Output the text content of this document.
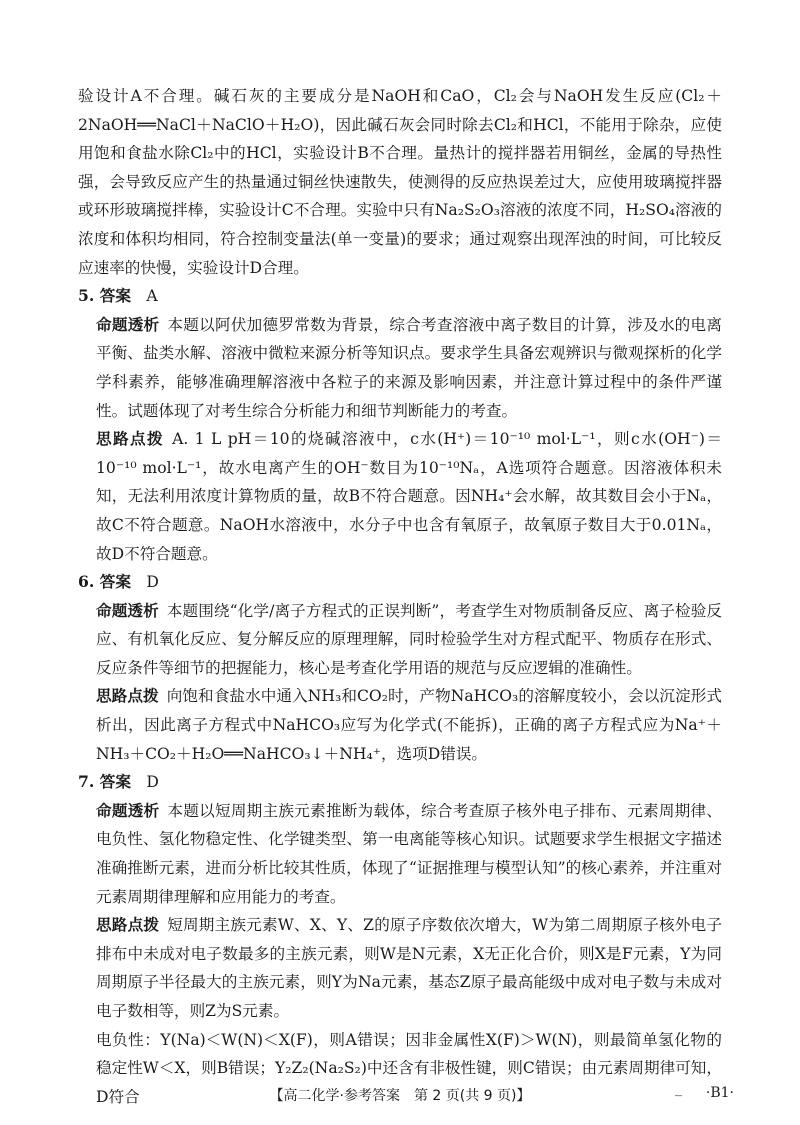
验设计A不合理。碱石灰的主要成分是NaOH和CaO，Cl₂会与NaOH发生反应(Cl₂＋2NaOH══NaCl＋NaClO＋H₂O)，因此碱石灰会同时除去Cl₂和HCl，不能用于除杂，应使用饱和食盐水除Cl₂中的HCl，实验设计B不合理。量热计的搅拌器若用铜丝，金属的导热性强，会导致反应产生的热量通过铜丝快速散失，使测得的反应热误差过大，应使用玻璃搅拌器或环形玻璃搅拌棒，实验设计C不合理。实验中只有Na₂S₂O₃溶液的浓度不同，H₂SO₄溶液的浓度和体积均相同，符合控制变量法(单一变量)的要求；通过观察出现浑浊的时间，可比较反应速率的快慢，实验设计D合理。

5. 答案 A

命题透析 本题以阿伏加德罗常数为背景，综合考查溶液中离子数目的计算，涉及水的电离平衡、盐类水解、溶液中微粒来源分析等知识点。要求学生具备宏观辨识与微观探析的化学学科素养，能够准确理解溶液中各粒子的来源及影响因素，并注意计算过程中的条件严谨性。试题体现了对考生综合分析能力和细节判断能力的考查。

思路点拨 A. 1 L pH＝10的烧碱溶液中，c水(H⁺)＝10⁻¹⁰ mol·L⁻¹，则c水(OH⁻)＝10⁻¹⁰ mol·L⁻¹，故水电离产生的OH⁻数目为10⁻¹⁰Nₐ，A选项符合题意。因溶液体积未知，无法利用浓度计算物质的量，故B不符合题意。因NH₄⁺会水解，故其数目会小于Nₐ，故C不符合题意。NaOH水溶液中，水分子中也含有氧原子，故氧原子数目大于0.01Nₐ，故D不符合题意。

6. 答案 D

命题透析 本题围绕“化学/离子方程式的正误判断”，考查学生对物质制备反应、离子检验反应、有机氧化反应、复分解反应的原理理解，同时检验学生对方程式配平、物质存在形式、反应条件等细节的把握能力，核心是考查化学用语的规范与反应逻辑的准确性。

思路点拨 向饱和食盐水中通入NH₃和CO₂时，产物NaHCO₃的溶解度较小，会以沉淀形式析出，因此离子方程式中NaHCO₃应写为化学式(不能拆)，正确的离子方程式应为Na⁺＋NH₃＋CO₂＋H₂O══NaHCO₃↓＋NH₄⁺，选项D错误。

7. 答案 D

命题透析 本题以短周期主族元素推断为载体，综合考查原子核外电子排布、元素周期律、电负性、氢化物稳定性、化学键类型、第一电离能等核心知识。试题要求学生根据文字描述准确推断元素，进而分析比较其性质，体现了“证据推理与模型认知”的核心素养，并注重对元素周期律理解和应用能力的考查。

思路点拨 短周期主族元素W、X、Y、Z的原子序数依次增大，W为第二周期原子核外电子排布中未成对电子数最多的主族元素，则W是N元素，X无正化合价，则X是F元素，Y为同周期原子半径最大的主族元素，则Y为Na元素，基态Z原子最高能级中成对电子数与未成对电子数相等，则Z为S元素。

电负性：Y(Na)＜W(N)＜X(F)，则A错误；因非金属性X(F)＞W(N)，则最简单氢化物的稳定性W＜X，则B错误；Y₂Z₂(Na₂S₂)中还含有非极性键，则C错误；由元素周期律可知，D符合	【高二化学·参考答案　第 2 页(共 9 页)】	_ ·B1·
